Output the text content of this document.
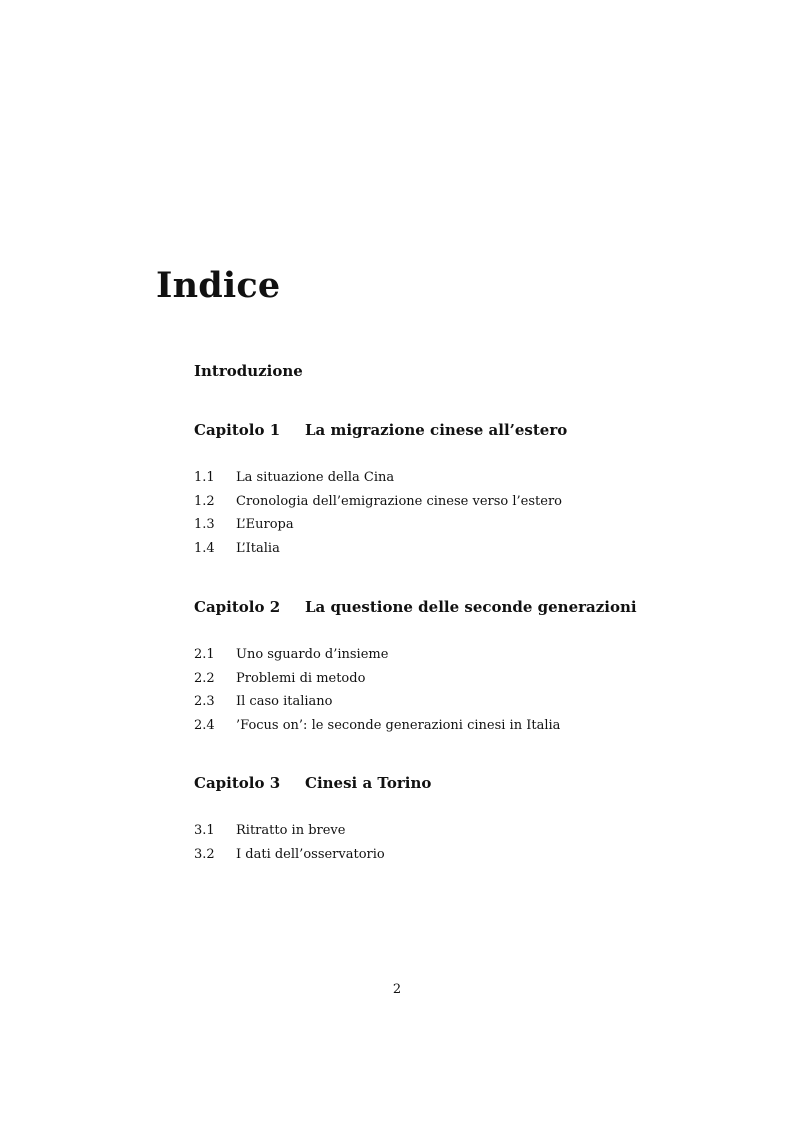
Indice
Introduzione
Capitolo 1 La migrazione cinese all’estero
1.1 La situazione della Cina
1.2 Cronologia dell’emigrazione cinese verso l’estero
1.3 L’Europa
1.4 L’Italia
Capitolo 2 La questione delle seconde generazioni
2.1 Uno sguardo d’insieme
2.2 Problemi di metodo
2.3 Il caso italiano
2.4 ’Focus on’: le seconde generazioni cinesi in Italia
Capitolo 3 Cinesi a Torino
3.1 Ritratto in breve
3.2 I dati dell’osservatorio
2
